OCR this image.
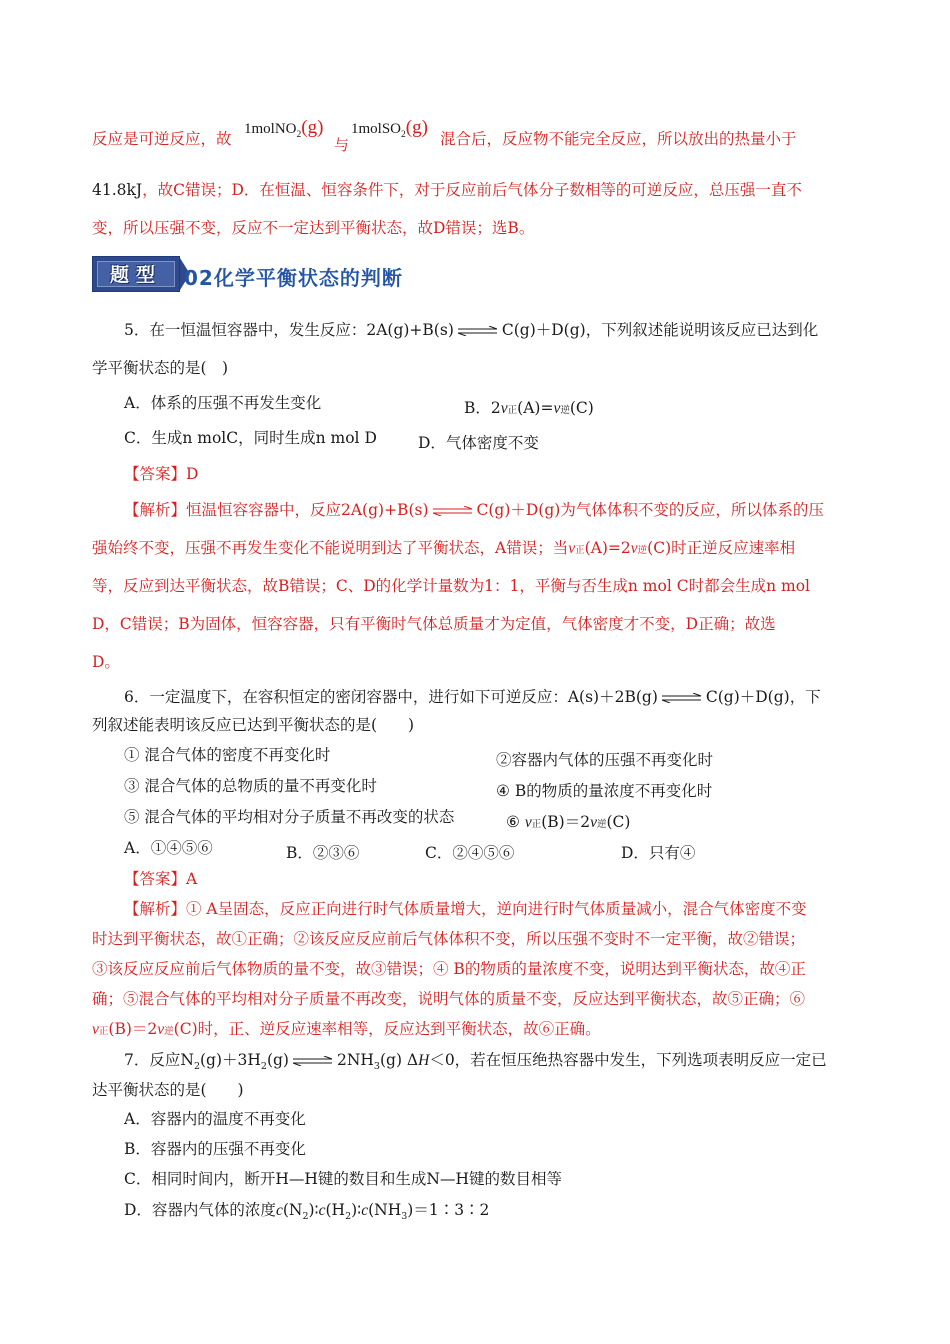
1molNO$_2$(g)
与
1molSO$_2$(g)
反应是可逆反应，故	混合后，反应物不能完全反应，所以放出的热量小于
41.8kJ，故C错误；D．在恒温、恒容条件下，对于反应前后气体分子数相等的可逆反应，总压强一直不
变，所以压强不变，反应不一定达到平衡状态，故D错误；选B。
题型	02化学平衡状态的判断
5．在一恒温恒容器中，发生反应：2A(g)+B(s) ⇌ C(g)＋D(g)，下列叙述能说明该反应已达到化
学平衡状态的是(　)
A．体系的压强不再发生变化	B．2v正(A)=v逆(C)
C．生成n molC，同时生成n mol D	D．气体密度不变
【答案】D
【解析】恒温恒容容器中，反应2A(g)+B(s) ⇌ C(g)＋D(g)为气体体积不变的反应，所以体系的压
强始终不变，压强不再发生变化不能说明到达了平衡状态，A错误；当v正(A)=2v逆(C)时正逆反应速率相
等，反应到达平衡状态，故B错误；C、D的化学计量数为1：1，平衡与否生成n mol C时都会生成n mol
D，C错误；B为固体，恒容容器，只有平衡时气体总质量才为定值，气体密度才不变，D正确；故选
D。
6．一定温度下，在容积恒定的密闭容器中，进行如下可逆反应：A(s)＋2B(g) ⇌ C(g)＋D(g)，下
列叙述能表明该反应已达到平衡状态的是(　　)
① 混合气体的密度不再变化时	②容器内气体的压强不再变化时
③ 混合气体的总物质的量不再变化时	④ B的物质的量浓度不再变化时
⑤ 混合气体的平均相对分子质量不再改变的状态	⑥ v正(B)＝2v逆(C)
A．①④⑤⑥	B．②③⑥	C．②④⑤⑥	D．只有④
【答案】A
【解析】① A呈固态，反应正向进行时气体质量增大，逆向进行时气体质量减小，混合气体密度不变
时达到平衡状态，故①正确；②该反应反应前后气体体积不变，所以压强不变时不一定平衡，故②错误；
③该反应反应前后气体物质的量不变，故③错误；④ B的物质的量浓度不变，说明达到平衡状态，故④正
确；⑤混合气体的平均相对分子质量不再改变，说明气体的质量不变，反应达到平衡状态，故⑤正确；⑥
v正(B)＝2v逆(C)时，正、逆反应速率相等，反应达到平衡状态，故⑥正确。
7．反应$N_2(g)+3H_2(g)$ ⇌ $2NH_3(g)$ ΔH＜0，若在恒压绝热容器中发生，下列选项表明反应一定已
达平衡状态的是(　　)
A．容器内的温度不再变化
B．容器内的压强不再变化
C．相同时间内，断开H—H键的数目和生成N—H键的数目相等
D．容器内气体的浓度$c(N_2)∶c(H_2)∶c(NH_3)=1∶3∶2$
